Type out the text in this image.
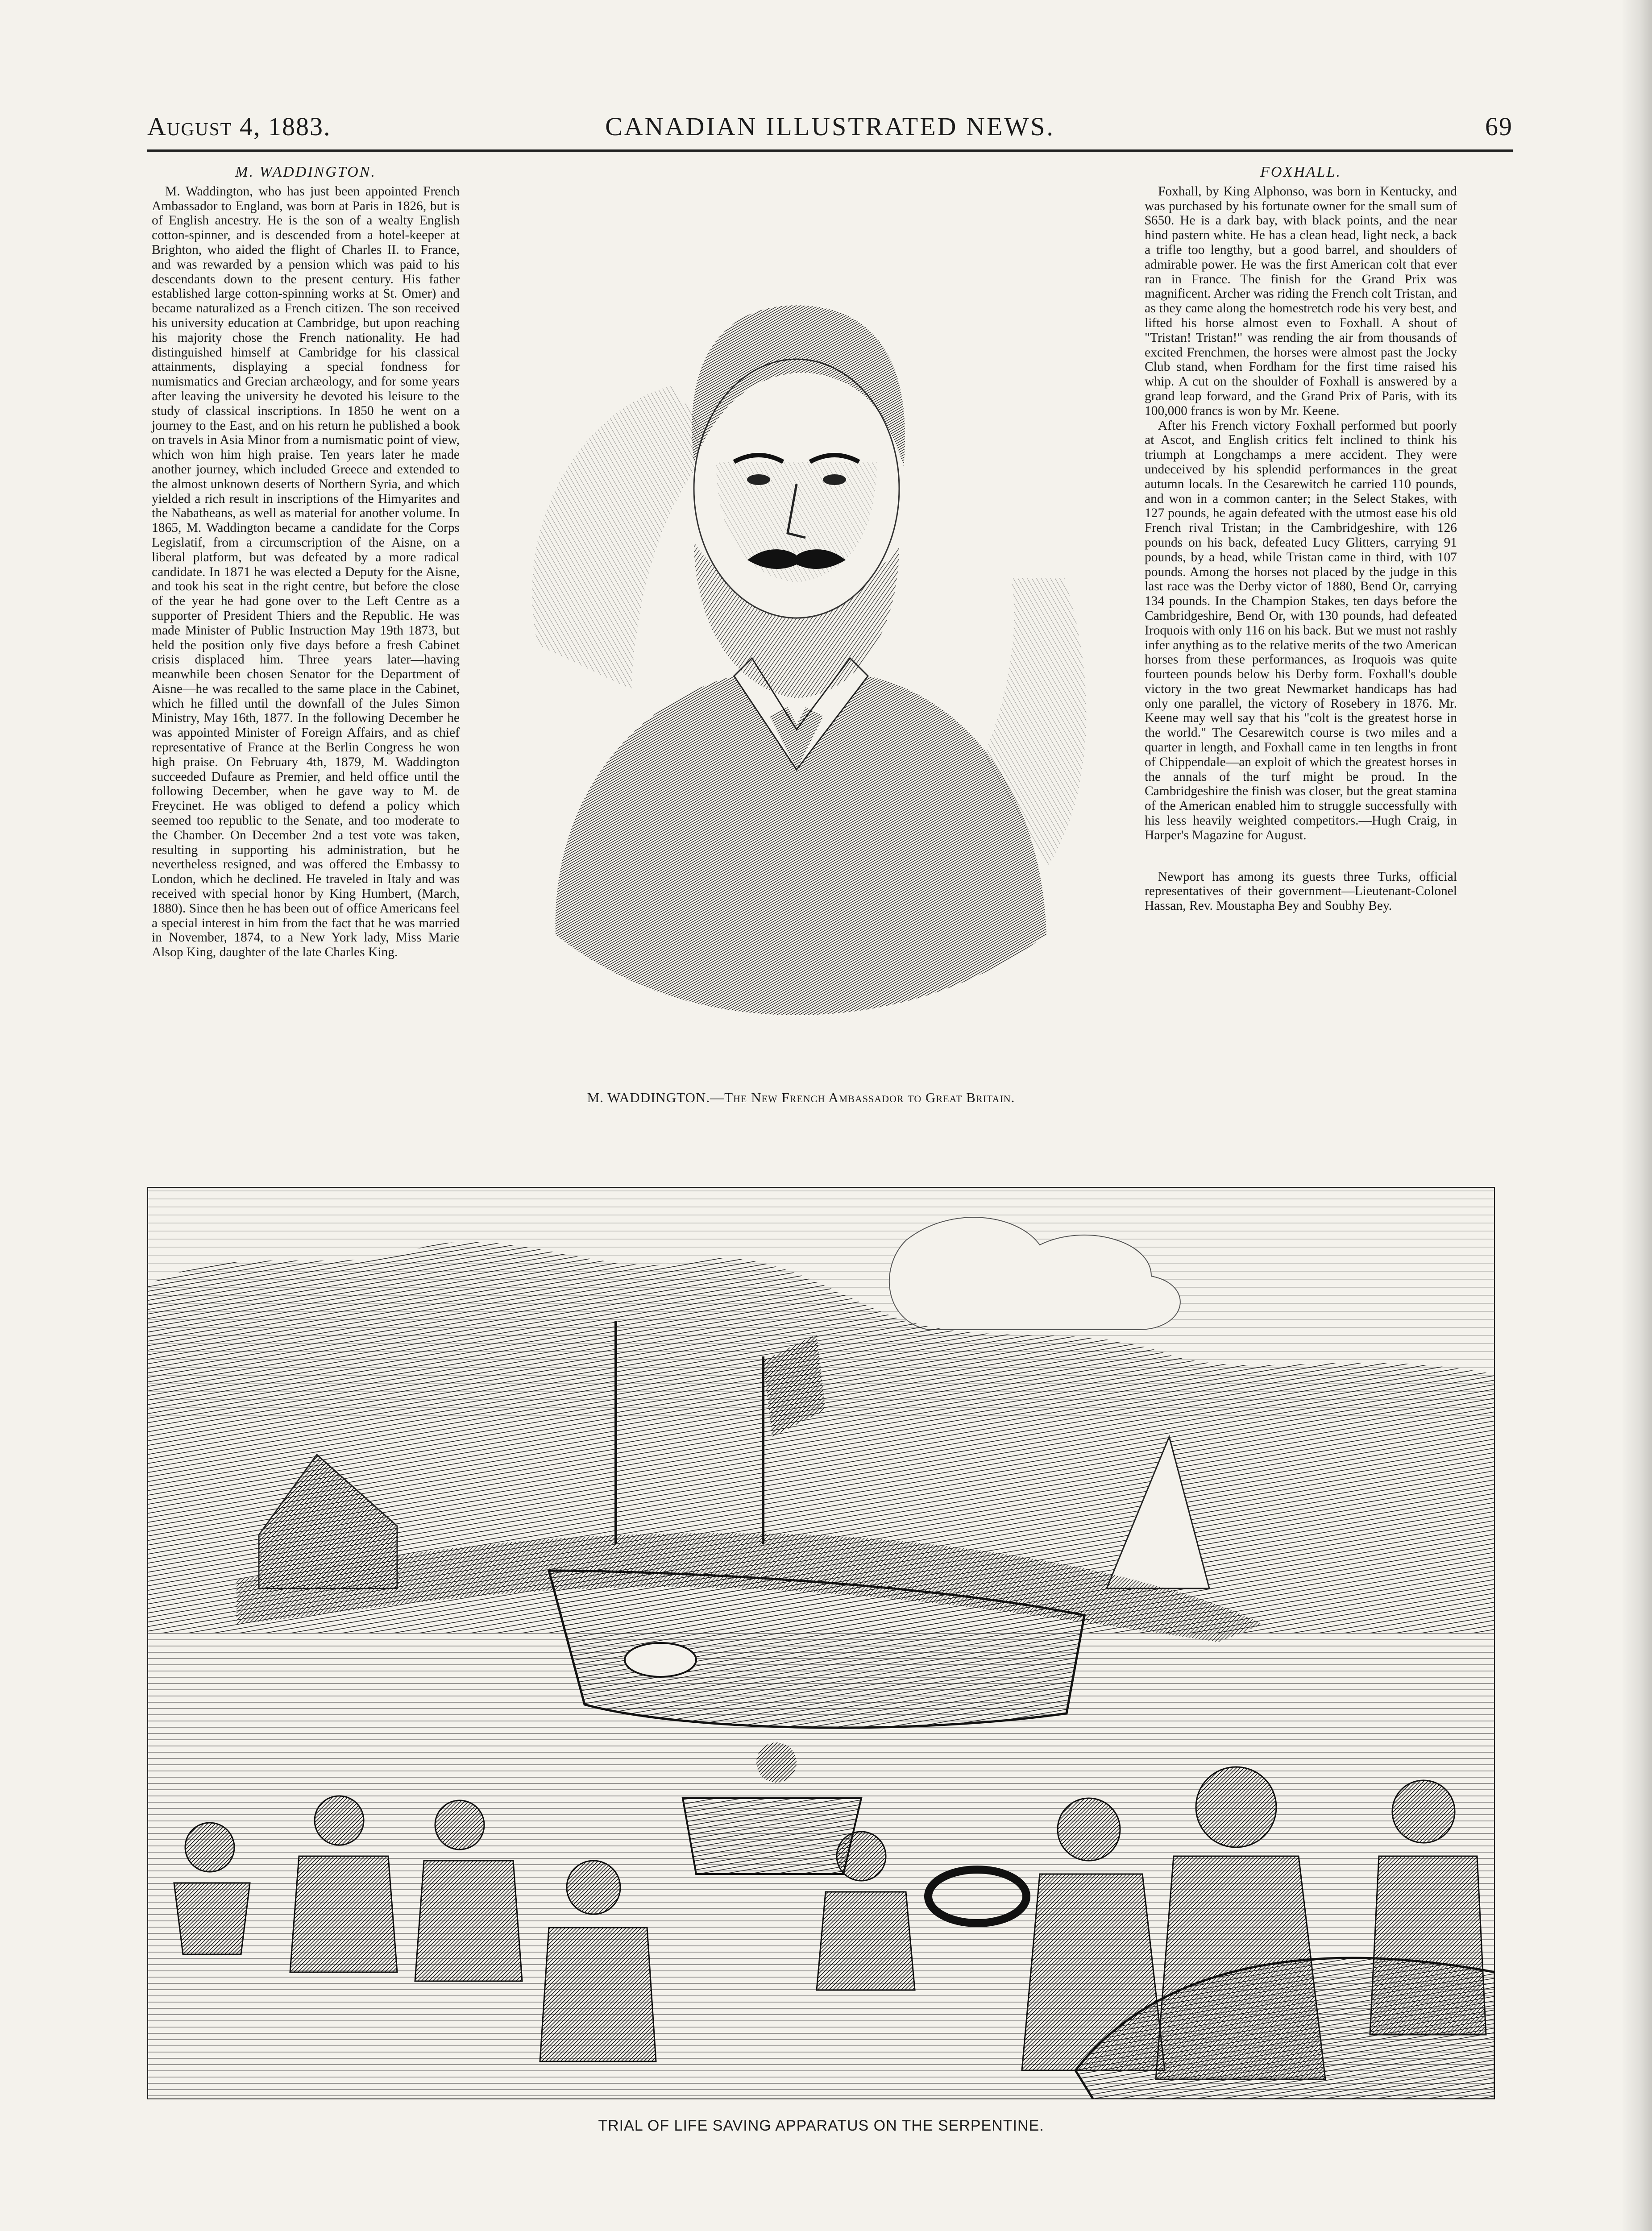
August 4, 1883.	CANADIAN ILLUSTRATED NEWS.	69
M. WADDINGTON.

M. Waddington, who has just been appointed French Ambassador to England, was born at Paris in 1826, but is of English ancestry. He is the son of a wealty English cotton-spinner, and is descended from a hotel-keeper at Brighton, who aided the flight of Charles II. to France, and was rewarded by a pension which was paid to his descendants down to the present century. His father established large cotton-spinning works at St. Omer) and became naturalized as a French citizen. The son received his university education at Cambridge, but upon reaching his majority chose the French nationality. He had distinguished himself at Cambridge for his classical attainments, displaying a special fondness for numismatics and Grecian archæology, and for some years after leaving the university he devoted his leisure to the study of classical inscriptions. In 1850 he went on a journey to the East, and on his return he published a book on travels in Asia Minor from a numismatic point of view, which won him high praise. Ten years later he made another journey, which included Greece and extended to the almost unknown deserts of Northern Syria, and which yielded a rich result in inscriptions of the Himyarites and the Nabatheans, as well as material for another volume. In 1865, M. Waddington became a candidate for the Corps Legislatif, from a circumscription of the Aisne, on a liberal platform, but was defeated by a more radical candidate. In 1871 he was elected a Deputy for the Aisne, and took his seat in the right centre, but before the close of the year he had gone over to the Left Centre as a supporter of President Thiers and the Republic. He was made Minister of Public Instruction May 19th 1873, but held the position only five days before a fresh Cabinet crisis displaced him. Three years later—having meanwhile been chosen Senator for the Department of Aisne—he was recalled to the same place in the Cabinet, which he filled until the downfall of the Jules Simon Ministry, May 16th, 1877. In the following December he was appointed Minister of Foreign Affairs, and as chief representative of France at the Berlin Congress he won high praise. On February 4th, 1879, M. Waddington succeeded Dufaure as Premier, and held office until the following December, when he gave way to M. de Freycinet. He was obliged to defend a policy which seemed too republic to the Senate, and too moderate to the Chamber. On December 2nd a test vote was taken, resulting in supporting his administration, but he nevertheless resigned, and was offered the Embassy to London, which he declined. He traveled in Italy and was received with special honor by King Humbert, (March, 1880). Since then he has been out of office Americans feel a special interest in him from the fact that he was married in November, 1874, to a New York lady, Miss Marie Alsop King, daughter of the late Charles King.

FOXHALL.

Foxhall, by King Alphonso, was born in Kentucky, and was purchased by his fortunate owner for the small sum of $650. He is a dark bay, with black points, and the near hind pastern white. He has a clean head, light neck, a back a trifle too lengthy, but a good barrel, and shoulders of admirable power. He was the first American colt that ever ran in France. The finish for the Grand Prix was magnificent. Archer was riding the French colt Tristan, and as they came along the homestretch rode his very best, and lifted his horse almost even to Foxhall. A shout of "Tristan! Tristan!" was rending the air from thousands of excited Frenchmen, the horses were almost past the Jocky Club stand, when Fordham for the first time raised his whip. A cut on the shoulder of Foxhall is answered by a grand leap forward, and the Grand Prix of Paris, with its 100,000 francs is won by Mr. Keene.

After his French victory Foxhall performed but poorly at Ascot, and English critics felt inclined to think his triumph at Longchamps a mere accident. They were undeceived by his splendid performances in the great autumn locals. In the Cesarewitch he carried 110 pounds, and won in a common canter; in the Select Stakes, with 127 pounds, he again defeated with the utmost ease his old French rival Tristan; in the Cambridgeshire, with 126 pounds on his back, defeated Lucy Glitters, carrying 91 pounds, by a head, while Tristan came in third, with 107 pounds. Among the horses not placed by the judge in this last race was the Derby victor of 1880, Bend Or, carrying 134 pounds. In the Champion Stakes, ten days before the Cambridgeshire, Bend Or, with 130 pounds, had defeated Iroquois with only 116 on his back. But we must not rashly infer anything as to the relative merits of the two American horses from these performances, as Iroquois was quite fourteen pounds below his Derby form. Foxhall's double victory in the two great Newmarket handicaps has had only one parallel, the victory of Rosebery in 1876. Mr. Keene may well say that his "colt is the greatest horse in the world." The Cesarewitch course is two miles and a quarter in length, and Foxhall came in ten lengths in front of Chippendale—an exploit of which the greatest horses in the annals of the turf might be proud. In the Cambridgeshire the finish was closer, but the great stamina of the American enabled him to struggle successfully with his less heavily weighted competitors.—Hugh Craig, in Harper's Magazine for August.

Newport has among its guests three Turks, official representatives of their government—Lieutenant-Colonel Hassan, Rev. Moustapha Bey and Soubhy Bey.

M. WADDINGTON.—The New French Ambassador to Great Britain.
TRIAL OF LIFE SAVING APPARATUS ON THE SERPENTINE.
